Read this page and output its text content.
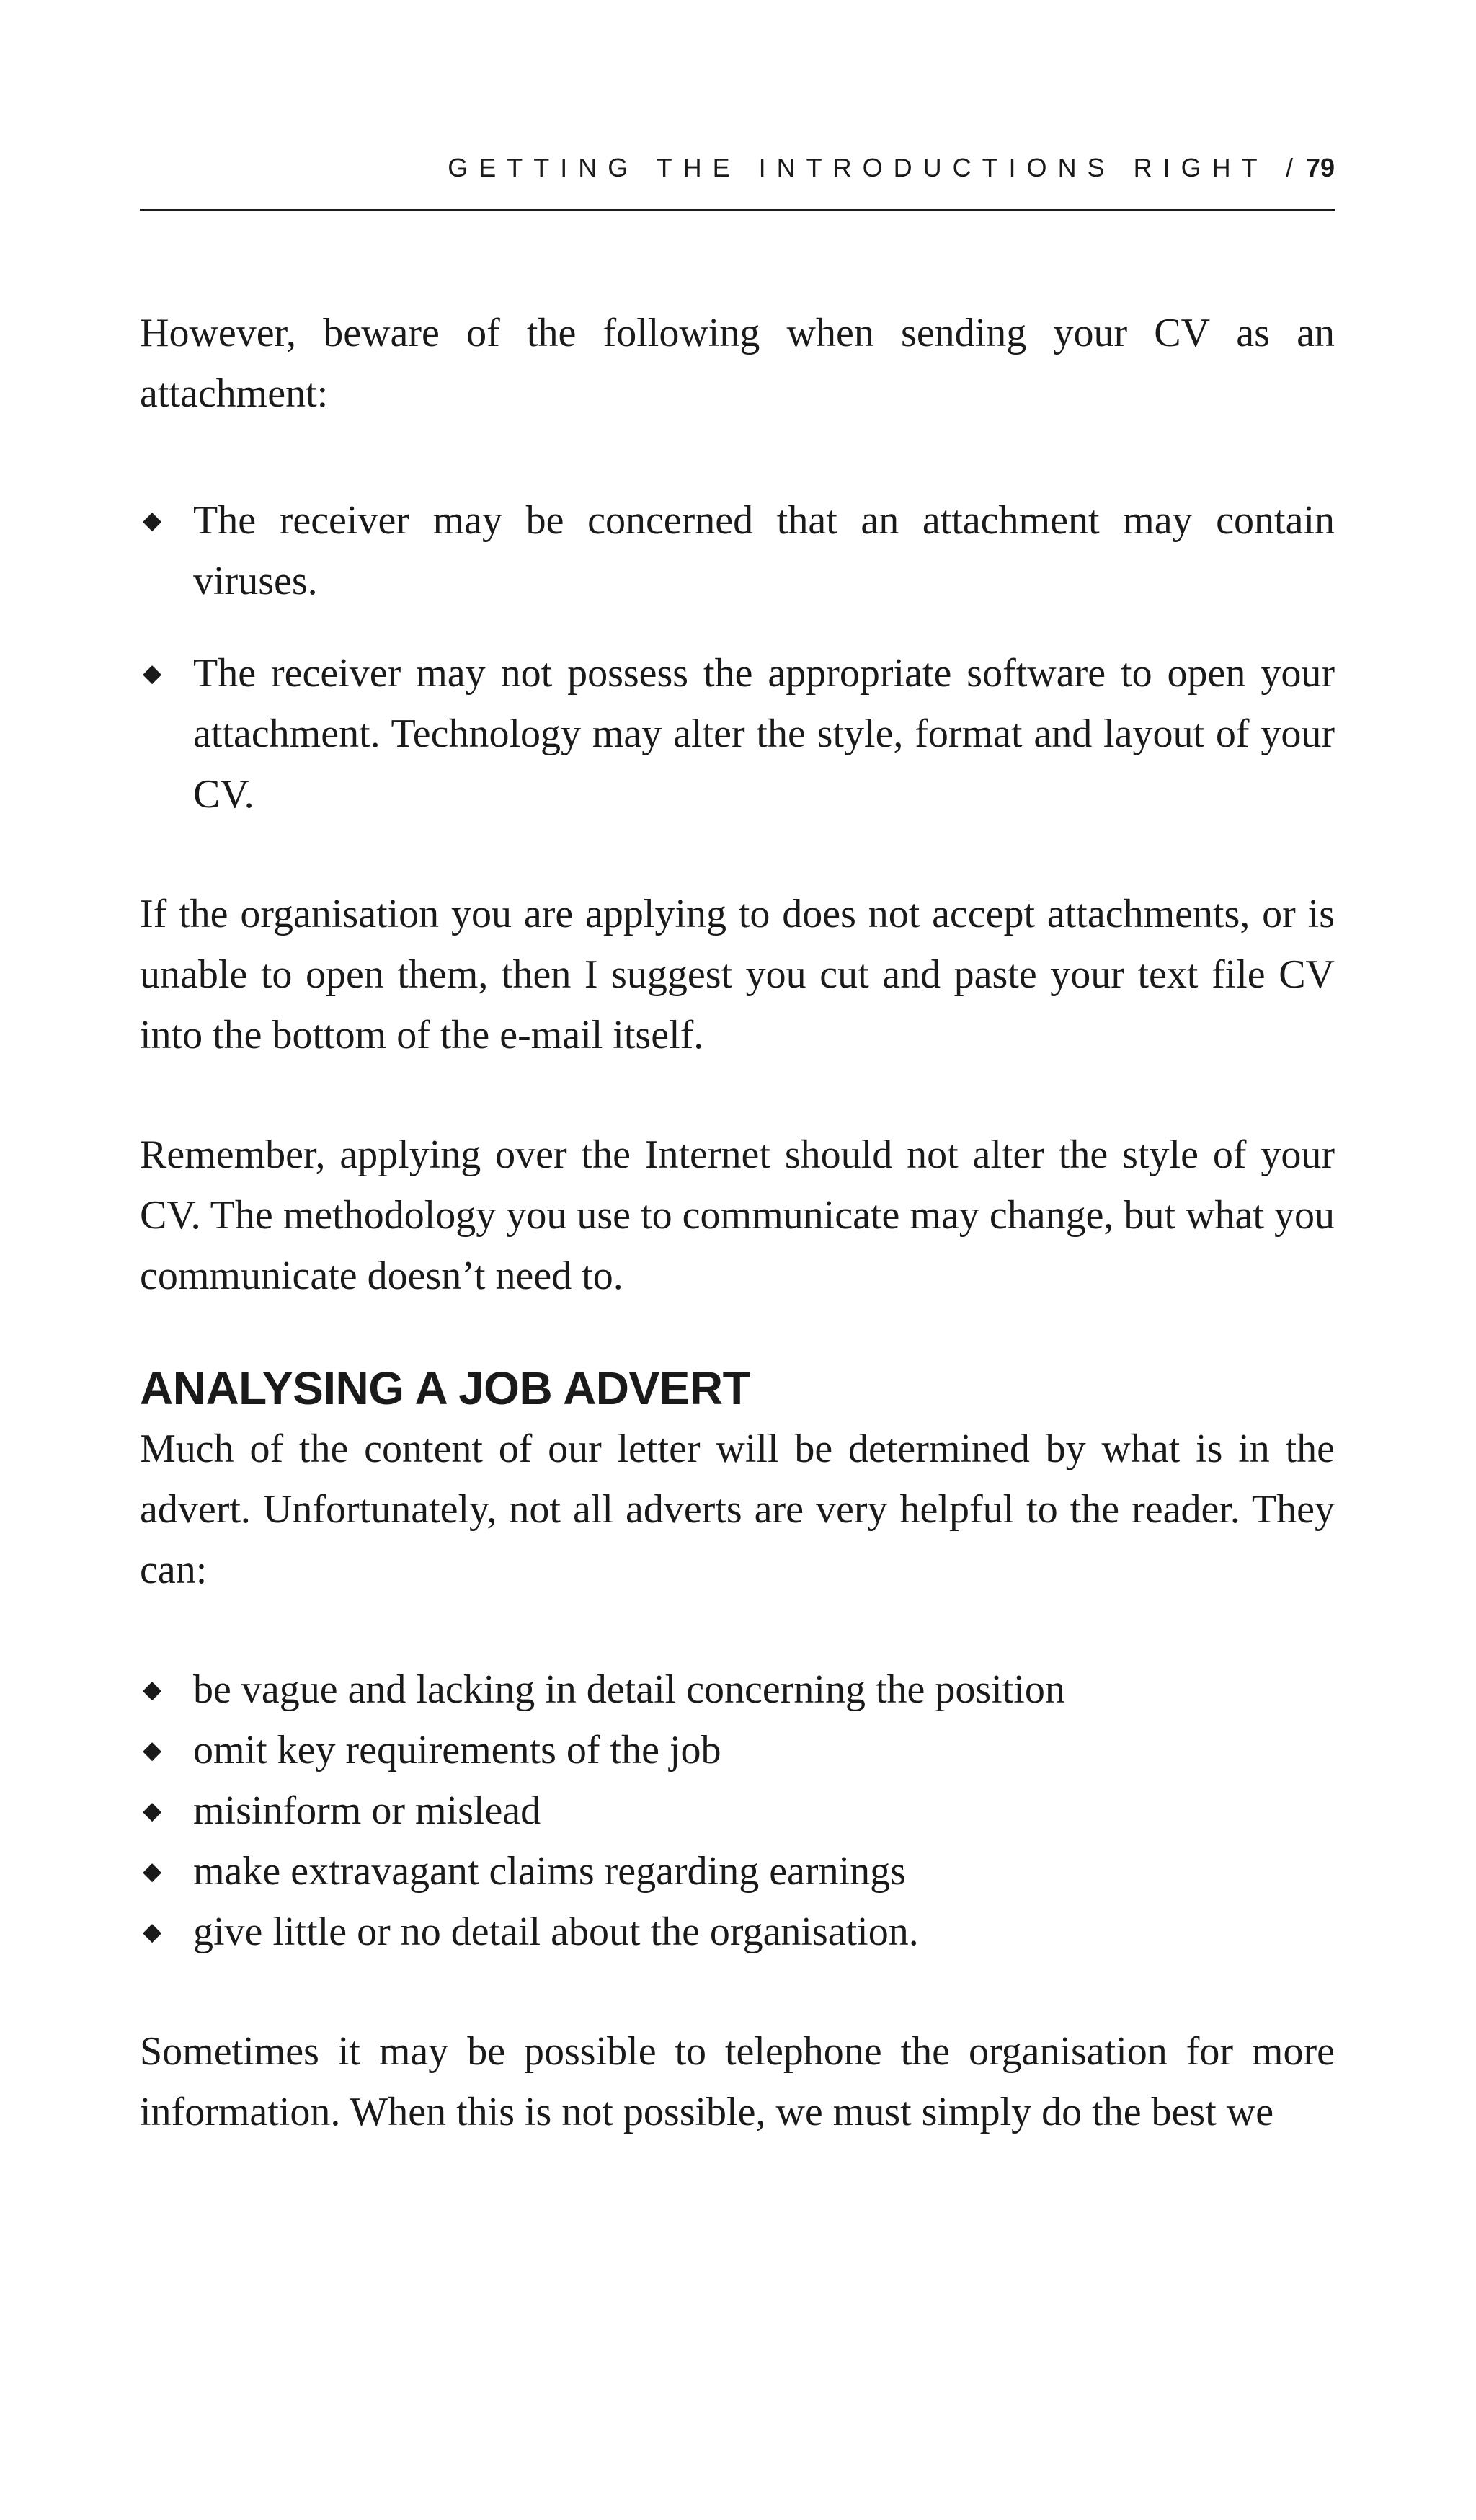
GETTING THE INTRODUCTIONS RIGHT / 79

However, beware of the following when sending your CV as an attachment:

◆ The receiver may be concerned that an attachment may contain viruses.
◆ The receiver may not possess the appropriate software to open your attachment. Technology may alter the style, format and layout of your CV.

If the organisation you are applying to does not accept attachments, or is unable to open them, then I suggest you cut and paste your text file CV into the bottom of the e-mail itself.

Remember, applying over the Internet should not alter the style of your CV. The methodology you use to communicate may change, but what you communicate doesn’t need to.

ANALYSING A JOB ADVERT

Much of the content of our letter will be determined by what is in the advert. Unfortunately, not all adverts are very helpful to the reader. They can:

◆ be vague and lacking in detail concerning the position
◆ omit key requirements of the job
◆ misinform or mislead
◆ make extravagant claims regarding earnings
◆ give little or no detail about the organisation.

Sometimes it may be possible to telephone the organisation for more information. When this is not possible, we must simply do the best we
